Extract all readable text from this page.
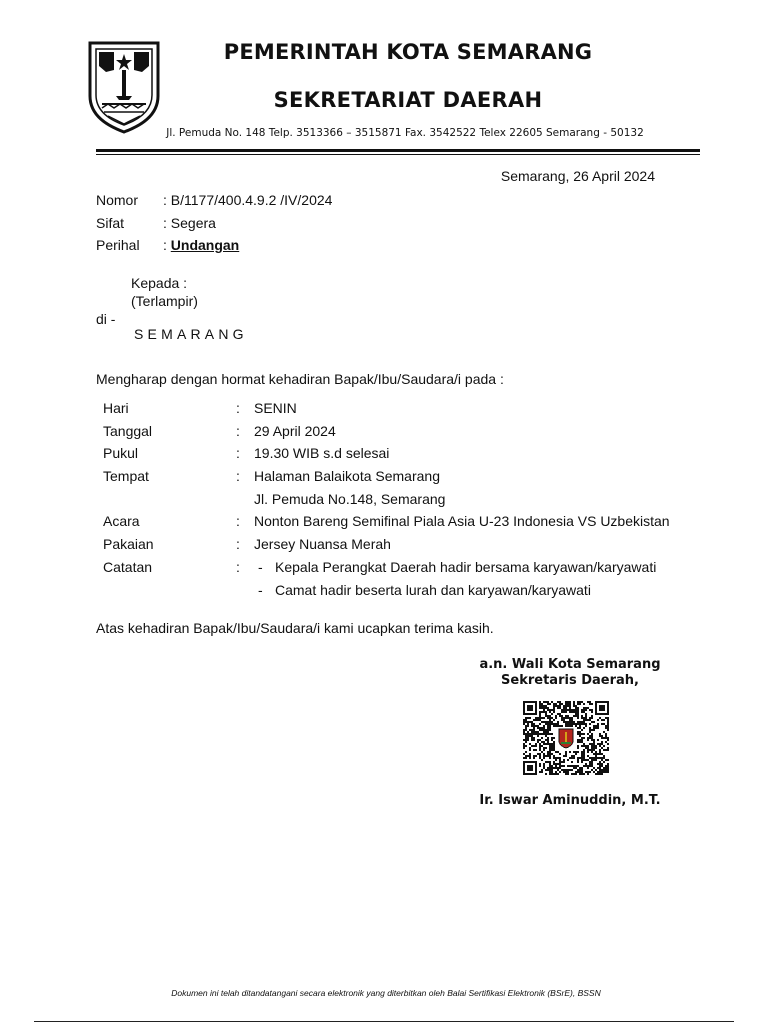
PEMERINTAH KOTA SEMARANG
SEKRETARIAT DAERAH
Jl. Pemuda No. 148 Telp. 3513366 – 3515871 Fax. 3542522 Telex 22605 Semarang - 50132
Semarang, 26 April 2024
Nomor : B/1177/400.4.9.2 /IV/2024
Sifat	: Segera
Perihal : Undangan
Kepada :
(Terlampir)
di -
SEMARANG
Mengharap dengan hormat kehadiran Bapak/Ibu/Saudara/i pada :
Hari	: SENIN
Tanggal	: 29 April 2024
Pukul	: 19.30 WIB s.d selesai
Tempat	: Halaman Balaikota Semarang
Jl. Pemuda No.148, Semarang
Acara	: Nonton Bareng Semifinal Piala Asia U-23 Indonesia VS Uzbekistan
Pakaian	: Jersey Nuansa Merah
Catatan	: - Kepala Perangkat Daerah hadir bersama karyawan/karyawati
- Camat hadir beserta lurah dan karyawan/karyawati
Atas kehadiran Bapak/Ibu/Saudara/i kami ucapkan terima kasih.
a.n. Wali Kota Semarang
Sekretaris Daerah,
Ir. Iswar Aminuddin, M.T.
Dokumen ini telah ditandatangani secara elektronik yang diterbitkan oleh Balai Sertifikasi Elektronik (BSrE), BSSN
